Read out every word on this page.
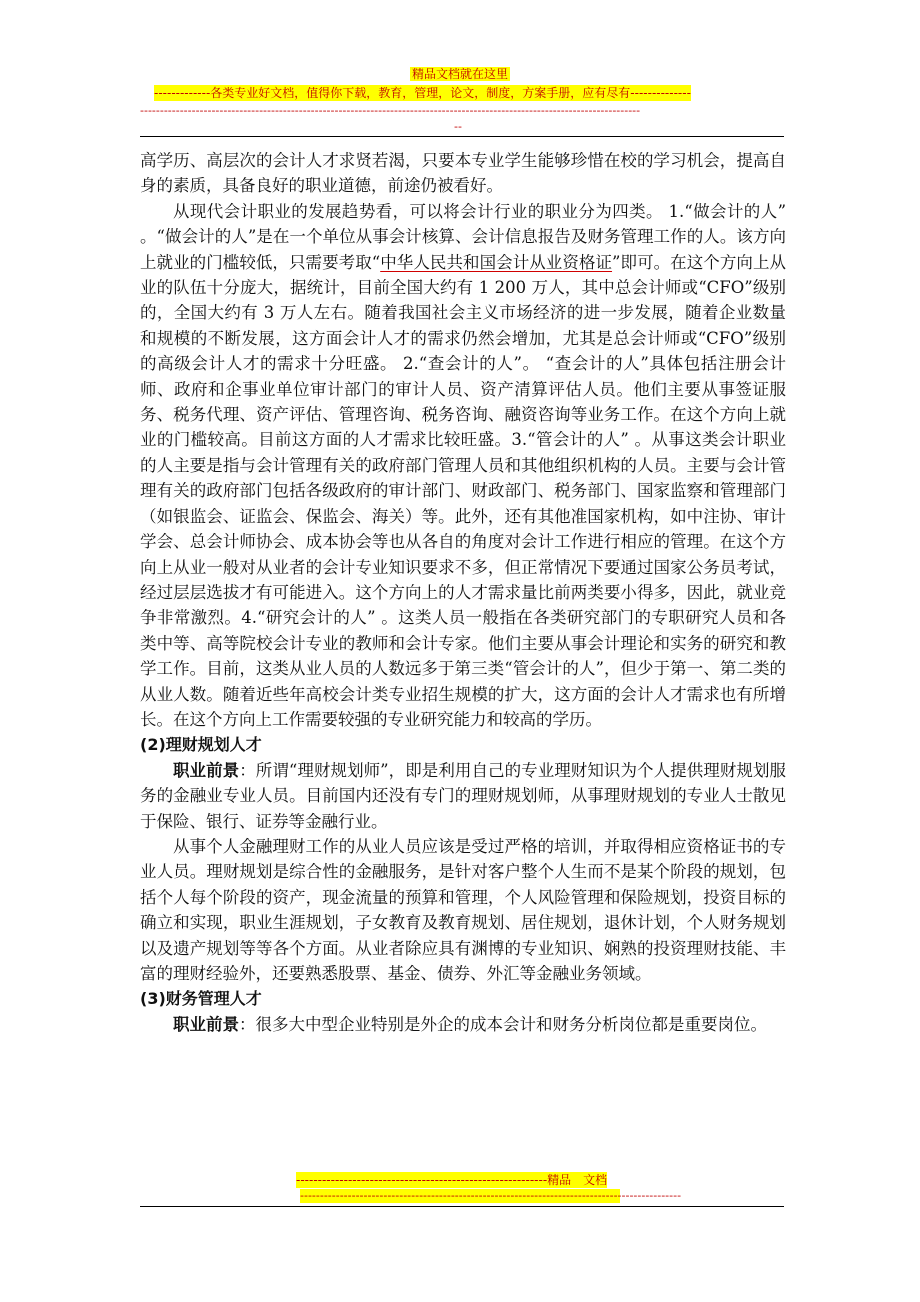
精品文档就在这里
-------------各类专业好文档，值得你下载，教育，管理，论文，制度，方案手册，应有尽有--------------
------------------------------------------------------------------------------------------------------------------------------
--

高学历、高层次的会计人才求贤若渴，只要本专业学生能够珍惜在校的学习机会，提高自身的素质，具备良好的职业道德，前途仍被看好。

从现代会计职业的发展趋势看，可以将会计行业的职业分为四类。 1.“做会计的人” 。“做会计的人”是在一个单位从事会计核算、会计信息报告及财务管理工作的人。该方向上就业的门槛较低，只需要考取“中华人民共和国会计从业资格证”即可。在这个方向上从业的队伍十分庞大，据统计，目前全国大约有 1 200 万人，其中总会计师或“CFO”级别的，全国大约有 3 万人左右。随着我国社会主义市场经济的进一步发展，随着企业数量和规模的不断发展，这方面会计人才的需求仍然会增加，尤其是总会计师或“CFO”级别的高级会计人才的需求十分旺盛。 2.“查会计的人”。 “查会计的人”具体包括注册会计师、政府和企事业单位审计部门的审计人员、资产清算评估人员。他们主要从事签证服务、税务代理、资产评估、管理咨询、税务咨询、融资咨询等业务工作。在这个方向上就业的门槛较高。目前这方面的人才需求比较旺盛。3.“管会计的人” 。从事这类会计职业的人主要是指与会计管理有关的政府部门管理人员和其他组织机构的人员。主要与会计管理有关的政府部门包括各级政府的审计部门、财政部门、税务部门、国家监察和管理部门（如银监会、证监会、保监会、海关）等。此外，还有其他准国家机构，如中注协、审计学会、总会计师协会、成本协会等也从各自的角度对会计工作进行相应的管理。在这个方向上从业一般对从业者的会计专业知识要求不多，但正常情况下要通过国家公务员考试，经过层层选拔才有可能进入。这个方向上的人才需求量比前两类要小得多，因此，就业竞争非常激烈。4.“研究会计的人” 。这类人员一般指在各类研究部门的专职研究人员和各类中等、高等院校会计专业的教师和会计专家。他们主要从事会计理论和实务的研究和教学工作。目前，这类从业人员的人数远多于第三类“管会计的人”，但少于第一、第二类的从业人数。随着近些年高校会计类专业招生规模的扩大，这方面的会计人才需求也有所增长。在这个方向上工作需要较强的专业研究能力和较高的学历。

(2)理财规划人才

职业前景：所谓“理财规划师”，即是利用自己的专业理财知识为个人提供理财规划服务的金融业专业人员。目前国内还没有专门的理财规划师，从事理财规划的专业人士散见于保险、银行、证券等金融行业。

从事个人金融理财工作的从业人员应该是受过严格的培训，并取得相应资格证书的专业人员。理财规划是综合性的金融服务，是针对客户整个人生而不是某个阶段的规划，包括个人每个阶段的资产，现金流量的预算和管理，个人风险管理和保险规划，投资目标的确立和实现，职业生涯规划，子女教育及教育规划、居住规划，退休计划，个人财务规划以及遗产规划等等各个方面。从业者除应具有渊博的专业知识、娴熟的投资理财技能、丰富的理财经验外，还要熟悉股票、基金、债券、外汇等金融业务领域。

(3)财务管理人才

职业前景：很多大中型企业特别是外企的成本会计和财务分析岗位都是重要岗位。

----------------------------------------------------------精品　文档
------------------------------------------------------------------------------------------------
